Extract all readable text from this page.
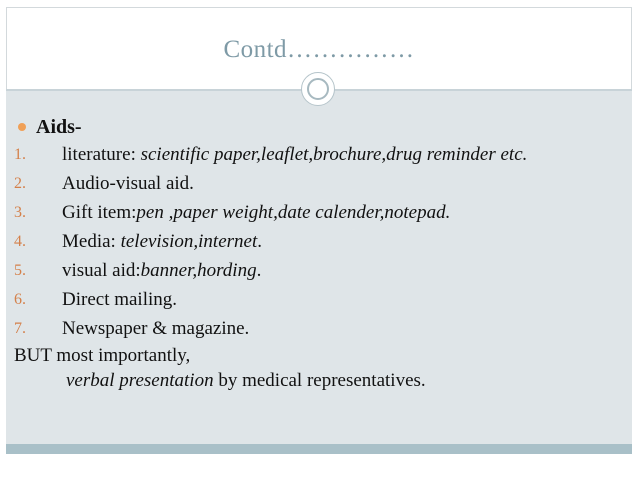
Contd……………
Aids-
1.	literature: scientific paper,leaflet,brochure,drug reminder etc.
2.	Audio-visual aid.
3.	Gift item:pen ,paper weight,date calender,notepad.
4.	Media: television,internet.
5.	visual aid:banner,hording.
6.	Direct mailing.
7.	Newspaper & magazine.
BUT most importantly,
verbal presentation by medical representatives.
